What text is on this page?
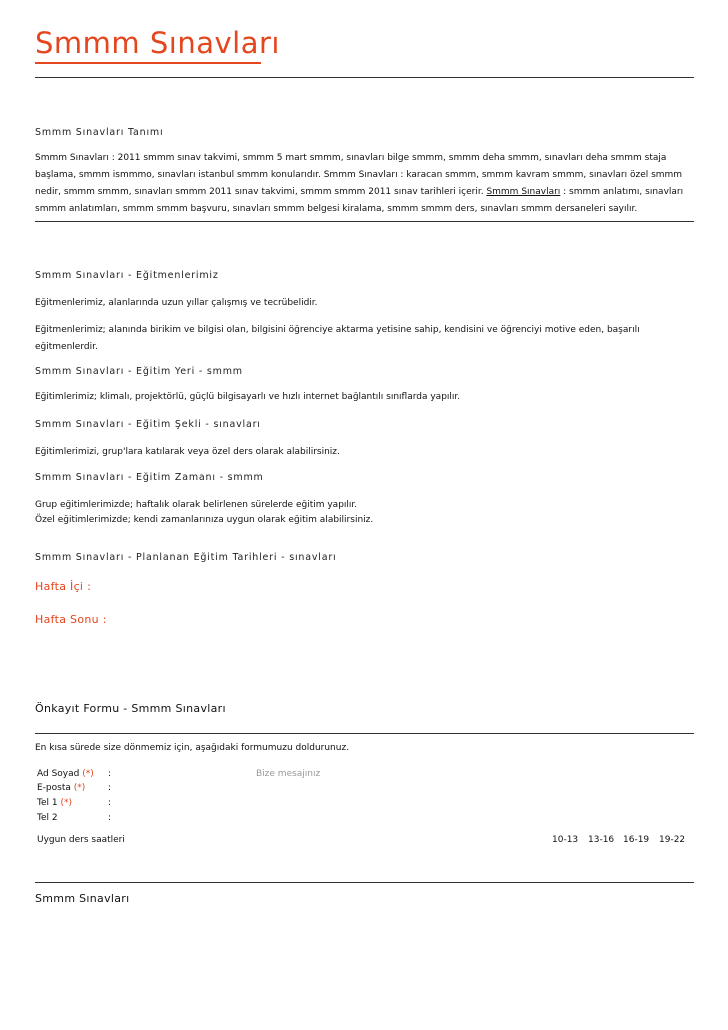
Smmm Sınavları
Smmm Sınavları Tanımı
Smmm Sınavları : 2011 smmm sınav takvimi, smmm 5 mart smmm, sınavları bilge smmm, smmm deha smmm, sınavları deha smmm staja başlama, smmm ismmmo, sınavları istanbul smmm konularıdır. Smmm Sınavları : karacan smmm, smmm kavram smmm, sınavları özel smmm nedir, smmm smmm, sınavları smmm 2011 sınav takvimi, smmm smmm 2011 sınav tarihleri içerir. Smmm Sınavları : smmm anlatımı, sınavları smmm anlatımları, smmm smmm başvuru, sınavları smmm belgesi kiralama, smmm smmm ders, sınavları smmm dersaneleri sayılır.
Smmm Sınavları - Eğitmenlerimiz
Eğitmenlerimiz, alanlarında uzun yıllar çalışmış ve tecrübelidir.
Eğitmenlerimiz; alanında birikim ve bilgisi olan, bilgisini öğrenciye aktarma yetisine sahip, kendisini ve öğrenciyi motive eden, başarılı eğitmenlerdir.
Smmm Sınavları - Eğitim Yeri - smmm
Eğitimlerimiz; klimalı, projektörlü, güçlü bilgisayarlı ve hızlı internet bağlantılı sınıflarda yapılır.
Smmm Sınavları - Eğitim Şekli - sınavları
Eğitimlerimizi, grup'lara katılarak veya özel ders olarak alabilirsiniz.
Smmm Sınavları - Eğitim Zamanı - smmm
Grup eğitimlerimizde; haftalık olarak belirlenen sürelerde eğitim yapılır.
Özel eğitimlerimizde; kendi zamanlarınıza uygun olarak eğitim alabilirsiniz.
Smmm Sınavları - Planlanan Eğitim Tarihleri - sınavları
Hafta İçi :
Hafta Sonu :
Önkayıt Formu - Smmm Sınavları
En kısa sürede size dönmemiz için, aşağıdaki formumuzu doldurunuz.
Ad Soyad (*) :
E-posta (*)	:
Tel 1 (*)	:
Tel 2	:
Bize mesajınız
Uygun ders saatleri	10-13 13-16 16-19 19-22
Smmm Sınavları
